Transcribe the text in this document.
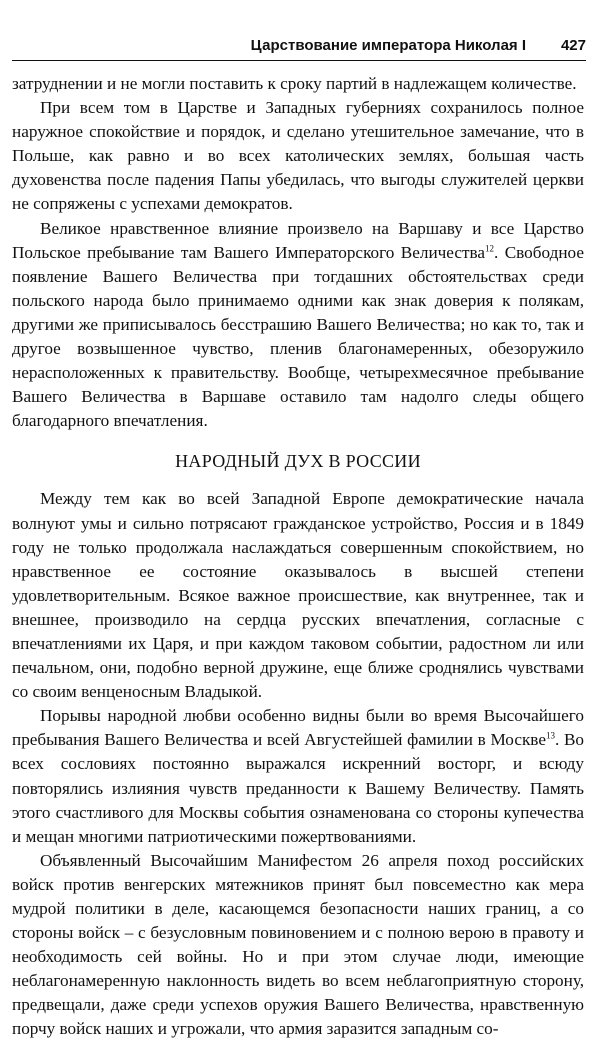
Царствование императора Николая I 427

затруднении и не могли поставить к сроку партий в надлежащем количестве.

При всем том в Царстве и Западных губерниях сохранилось полное наружное спокойствие и порядок, и сделано утешительное замечание, что в Польше, как равно и во всех католических землях, большая часть духовенства после падения Папы убедилась, что выгоды служителей церкви не сопряжены с успехами демократов.

Великое нравственное влияние произвело на Варшаву и все Царство Польское пребывание там Вашего Императорского Величества$^{12}$. Свободное появление Вашего Величества при тогдашних обстоятельствах среди польского народа было принимаемо одними как знак доверия к полякам, другими же приписывалось бесстрашию Вашего Величества; но как то, так и другое возвышенное чувство, пленив благонамеренных, обезоружило нерасположенных к правительству. Вообще, четырехмесячное пребывание Вашего Величества в Варшаве оставило там надолго следы общего благодарного впечатления.

НАРОДНЫЙ ДУХ В РОССИИ

Между тем как во всей Западной Европе демократические начала волнуют умы и сильно потрясают гражданское устройство, Россия и в 1849 году не только продолжала наслаждаться совершенным спокойствием, но нравственное ее состояние оказывалось в высшей степени удовлетворительным. Всякое важное происшествие, как внутреннее, так и внешнее, производило на сердца русских впечатления, согласные с впечатлениями их Царя, и при каждом таковом событии, радостном ли или печальном, они, подобно верной дружине, еще ближе сроднялись чувствами со своим венценосным Владыкой.

Порывы народной любви особенно видны были во время Высочайшего пребывания Вашего Величества и всей Августейшей фамилии в Москве$^{13}$. Во всех сословиях постоянно выражался искренний восторг, и всюду повторялись излияния чувств преданности к Вашему Величеству. Память этого счастливого для Москвы события ознаменована со стороны купечества и мещан многими патриотическими пожертвованиями.

Объявленный Высочайшим Манифестом 26 апреля поход российских войск против венгерских мятежников принят был повсеместно как мера мудрой политики в деле, касающемся безопасности наших границ, а со стороны войск – с безусловным повиновением и с полною верою в правоту и необходимость сей войны. Но и при этом случае люди, имеющие неблагонамеренную наклонность видеть во всем неблагоприятную сторону, предвещали, даже среди успехов оружия Вашего Величества, нравственную порчу войск наших и угрожали, что армия заразится западным со-
